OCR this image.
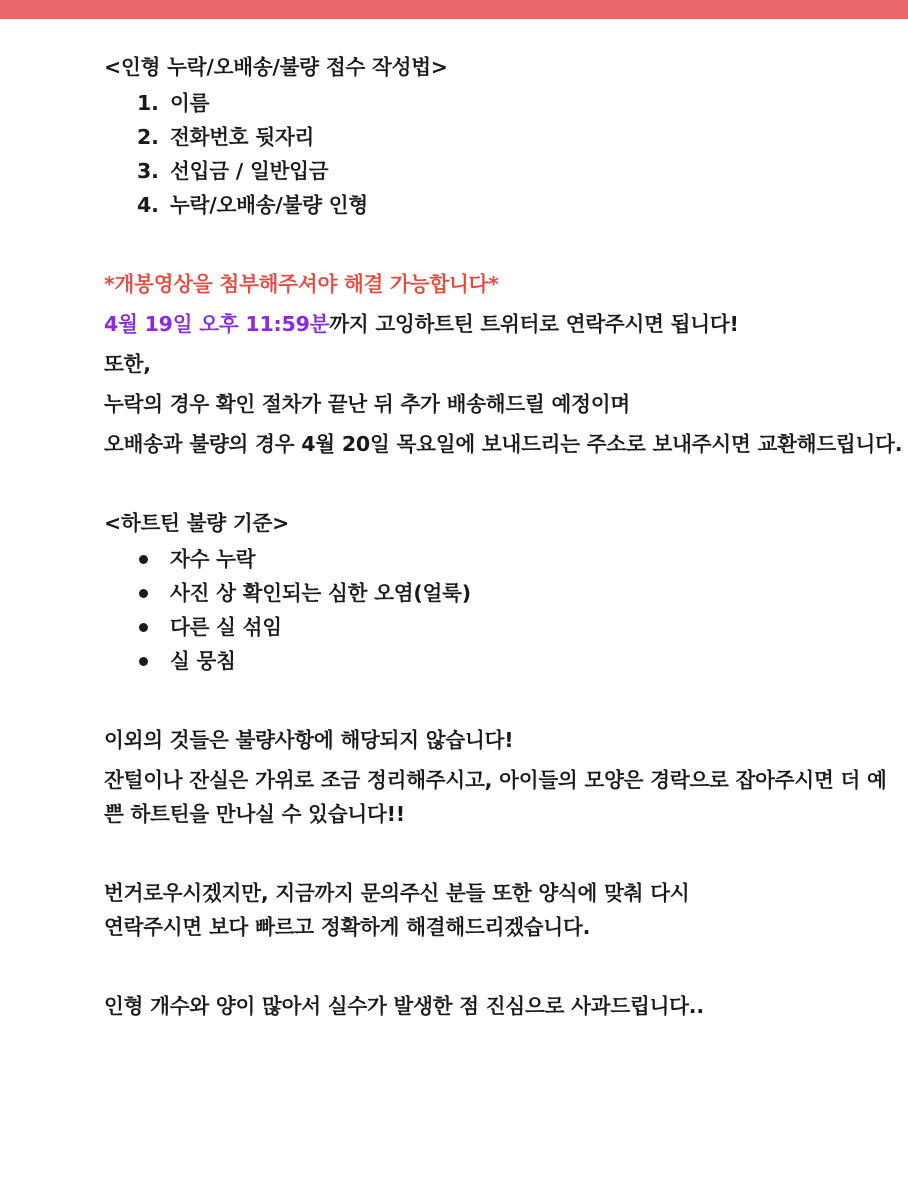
<인형 누락/오배송/불량 접수 작성법>

이름
전화번호 뒷자리
선입금 / 일반입금
누락/오배송/불량 인형

*개봉영상을 첨부해주셔야 해결 가능합니다*

4월 19일 오후 11:59분까지 고잉하트틴 트위터로 연락주시면 됩니다!

또한,

누락의 경우 확인 절차가 끝난 뒤 추가 배송해드릴 예정이며

오배송과 불량의 경우 4월 20일 목요일에 보내드리는 주소로 보내주시면 교환해드립니다.

<하트틴 불량 기준>

자수 누락
사진 상 확인되는 심한 오염(얼룩)
다른 실 섞임
실 뭉침

이외의 것들은 불량사항에 해당되지 않습니다!

잔털이나 잔실은 가위로 조금 정리해주시고, 아이들의 모양은 경락으로 잡아주시면 더 예쁜 하트틴을 만나실 수 있습니다!!

번거로우시겠지만, 지금까지 문의주신 분들 또한 양식에 맞춰 다시

연락주시면 보다 빠르고 정확하게 해결해드리겠습니다.

인형 개수와 양이 많아서 실수가 발생한 점 진심으로 사과드립니다..
